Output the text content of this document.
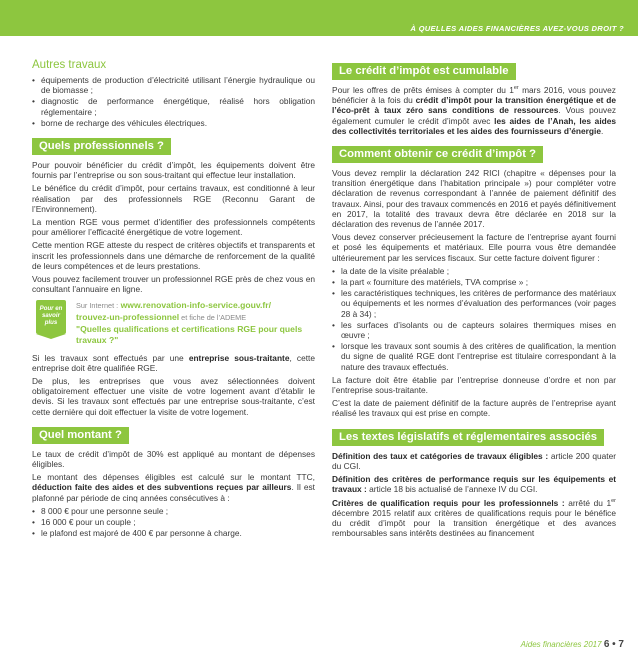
À QUELLES AIDES FINANCIÈRES AVEZ-VOUS DROIT ?
Autres travaux
• équipements de production d’électricité utilisant l’énergie hydraulique ou de biomasse ;
• diagnostic de performance énergétique, réalisé hors obligation réglementaire ;
• borne de recharge des véhicules électriques.
Quels professionnels ?

Pour pouvoir bénéficier du crédit d’impôt, les équipements doivent être fournis par l’entreprise ou son sous-traitant qui effectue leur installation.

Le bénéfice du crédit d’impôt, pour certains travaux, est conditionné à leur réalisation par des professionnels RGE (Reconnu Garant de l’Environnement).

La mention RGE vous permet d’identifier des professionnels compétents pour améliorer l’efficacité énergétique de votre logement.

Cette mention RGE atteste du respect de critères objectifs et transparents et inscrit les professionnels dans une démarche de renforcement de la qualité de leurs compétences et de leurs prestations.

Vous pouvez facilement trouver un professionnel RGE près de chez vous en consultant l’annuaire en ligne.

Pour en savoir plus
Sur Internet : www.renovation-info-service.gouv.fr/
trouvez-un-professionnel et fiche de l’ADEME
"Quelles qualifications et certifications RGE pour quels travaux ?"

Si les travaux sont effectués par une entreprise sous-traitante, cette entreprise doit être qualifiée RGE.

De plus, les entreprises que vous avez sélectionnées doivent obligatoirement effectuer une visite de votre logement avant d’établir le devis. Si les travaux sont effectués par une entreprise sous-traitante, c’est cette dernière qui doit effectuer la visite de votre logement.

Quel montant ?

Le taux de crédit d’impôt de 30% est appliqué au montant de dépenses éligibles.

Le montant des dépenses éligibles est calculé sur le montant TTC, déduction faite des aides et des subventions reçues par ailleurs. Il est plafonné par période de cinq années consécutives à :

• 8 000 € pour une personne seule ;
• 16 000 € pour un couple ;
• le plafond est majoré de 400 € par personne à charge.
Le crédit d’impôt est cumulable

Pour les offres de prêts émises à compter du 1er mars 2016, vous pouvez bénéficier à la fois du crédit d’impôt pour la transition énergétique et de l’éco-prêt à taux zéro sans conditions de ressources. Vous pouvez également cumuler le crédit d’impôt avec les aides de l’Anah, les aides des collectivités territoriales et les aides des fournisseurs d’énergie.

Comment obtenir ce crédit d’impôt ?

Vous devez remplir la déclaration 242 RICI (chapitre « dépenses pour la transition énergétique dans l’habitation principale ») pour compléter votre déclaration de revenus correspondant à l’année de paiement définitif des travaux. Ainsi, pour des travaux commencés en 2016 et payés définitivement en 2017, la totalité des travaux devra être déclarée en 2018 sur la déclaration des revenus de l’année 2017.

Vous devez conserver précieusement la facture de l’entreprise ayant fourni et posé les équipements et matériaux. Elle pourra vous être demandée ultérieurement par les services fiscaux. Sur cette facture doivent figurer :

• la date de la visite préalable ;
• la part « fourniture des matériels, TVA comprise » ;
• les caractéristiques techniques, les critères de performance des matériaux ou équipements et les normes d’évaluation des performances (voir pages 28 à 34) ;
• les surfaces d’isolants ou de capteurs solaires thermiques mises en œuvre ;
• lorsque les travaux sont soumis à des critères de qualification, la mention du signe de qualité RGE dont l’entreprise est titulaire correspondant à la nature des travaux effectués.

La facture doit être établie par l’entreprise donneuse d’ordre et non par l’entreprise sous-traitante.

C’est la date de paiement définitif de la facture auprès de l’entreprise ayant réalisé les travaux qui est prise en compte.

Les textes législatifs et réglementaires associés

Définition des taux et catégories de travaux éligibles : article 200 quater du CGI.

Définition des critères de performance requis sur les équipements et travaux : article 18 bis actualisé de l’annexe IV du CGI.

Critères de qualification requis pour les professionnels : arrêté du 1er décembre 2015 relatif aux critères de qualifications requis pour le bénéfice du crédit d’impôt pour la transition énergétique et des avances remboursables sans intérêts destinées au financement

Aides financières 2017 6 • 7
